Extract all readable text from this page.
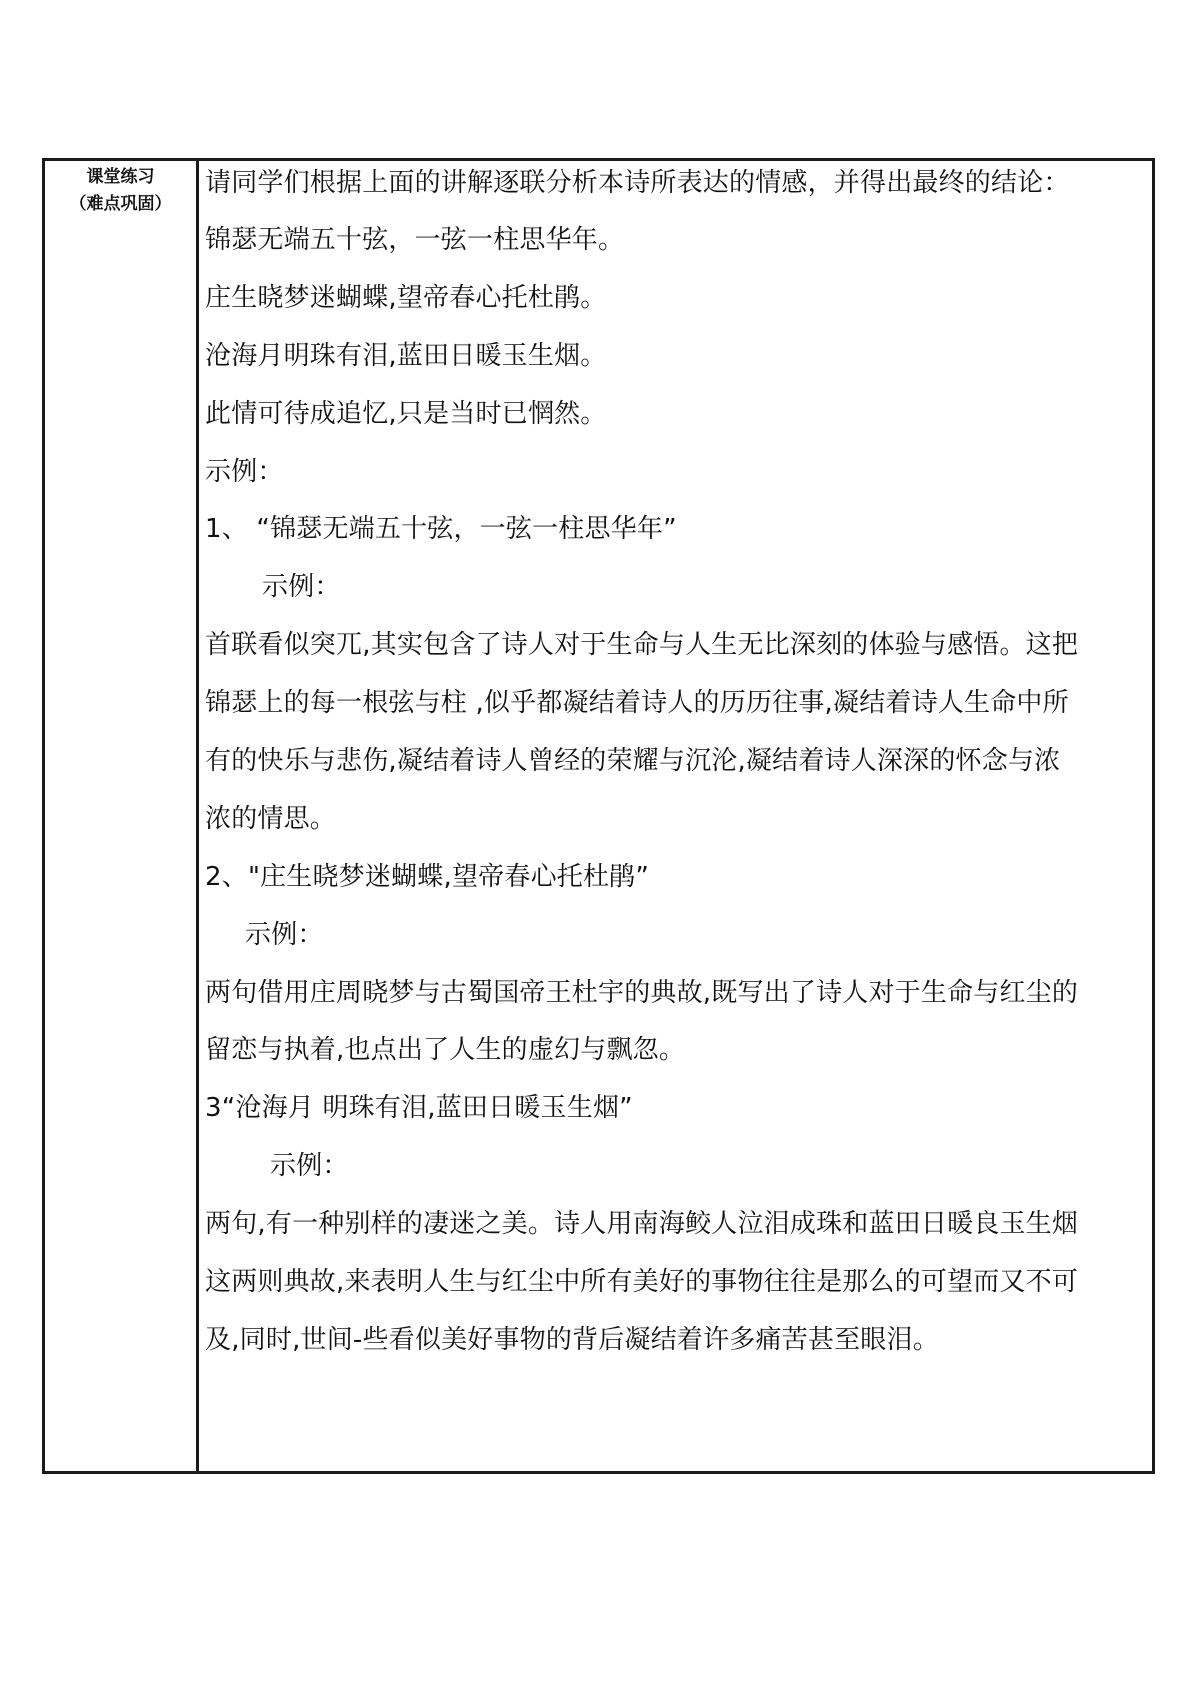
课堂练习
（难点巩固）
请同学们根据上面的讲解逐联分析本诗所表达的情感，并得出最终的结论：
锦瑟无端五十弦，一弦一柱思华年。
庄生晓梦迷蝴蝶,望帝春心托杜鹃。
沧海月明珠有泪,蓝田日暖玉生烟。
此情可待成追忆,只是当时已惘然。
示例：
1、 “锦瑟无端五十弦，一弦一柱思华年”
示例：
首联看似突兀,其实包含了诗人对于生命与人生无比深刻的体验与感悟。这把
锦瑟上的每一根弦与柱 ,似乎都凝结着诗人的历历往事,凝结着诗人生命中所
有的快乐与悲伤,凝结着诗人曾经的荣耀与沉沦,凝结着诗人深深的怀念与浓
浓的情思。
2、"庄生晓梦迷蝴蝶,望帝春心托杜鹃”
示例：
两句借用庄周晓梦与古蜀国帝王杜宇的典故,既写出了诗人对于生命与红尘的
留恋与执着,也点出了人生的虚幻与飘忽。
3“沧海月 明珠有泪,蓝田日暖玉生烟”
示例：
两句,有一种别样的凄迷之美。诗人用南海鲛人泣泪成珠和蓝田日暖良玉生烟
这两则典故,来表明人生与红尘中所有美好的事物往往是那么的可望而又不可
及,同时,世间-些看似美好事物的背后凝结着许多痛苦甚至眼泪。
